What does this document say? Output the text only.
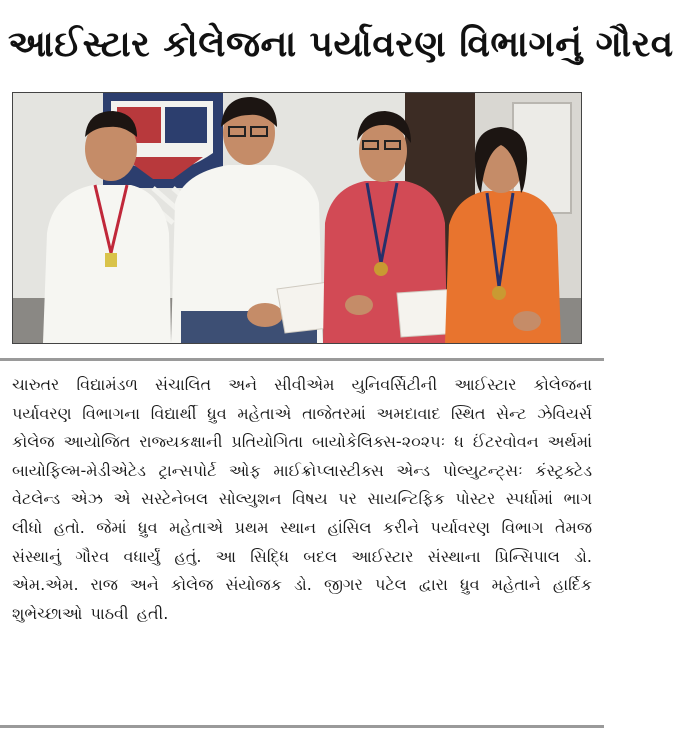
આઈસ્ટાર કોલેજના પર્યાવરણ વિભાગનું ગૌરવ
ચારુતર વિદ્યામંડળ સંચાલિત અને સીવીએમ યુનિવર્સિટીની આઈસ્ટાર કોલેજના પર્યાવરણ વિભાગના વિદ્યાર્થી ધ્રુવ મહેતાએ તાજેતરમાં અમદાવાદ સ્થિત સેન્ટ ઝેવિયર્સ કોલેજ આયોજિત રાજ્યકક્ષાની પ્રતિયોગિતા બાયોકેલિક્સ-૨૦૨૫ઃ ધ ઈંટરવોવન અર્થમાં બાયોફિલ્મ-મેડીએટેડ ટ્રાન્સપોર્ટ ઓફ માઈક્રોપ્લાસ્ટીક્સ એન્ડ પોલ્યુટન્ટ્સઃ કંસ્ટ્રક્ટેડ વેટલેન્ડ એઝ એ સસ્ટેનેબલ સોલ્યુશન વિષય પર સાયન્ટિફિક પોસ્ટર સ્પર્ધામાં ભાગ લીધો હતો. જેમાં ધ્રુવ મહેતાએ પ્રથમ સ્થાન હાંસિલ કરીને પર્યાવરણ વિભાગ તેમજ સંસ્થાનું ગૌરવ વધાર્યું હતું. આ સિદ્ધિ બદલ આઈસ્ટાર સંસ્થાના પ્રિન્સિપાલ ડો. એમ.એમ. રાજ અને કોલેજ સંયોજક ડો. જીગર પટેલ દ્વારા ધ્રુવ મહેતાને હાર્દિક શુભેચ્છાઓ પાઠવી હતી.
